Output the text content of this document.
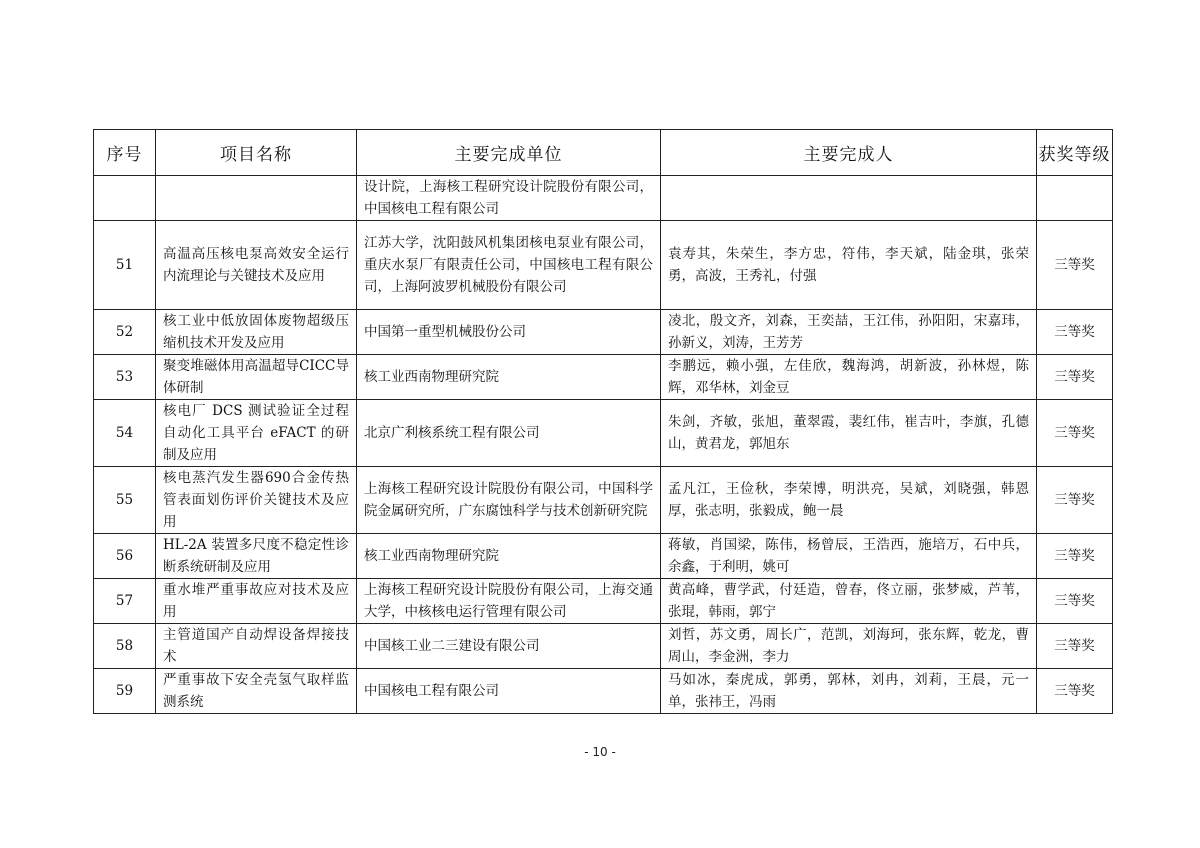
序号	项目名称	主要完成单位	主要完成人	获奖等级

		设计院，上海核工程研究设计院股份有限公司，中国核电工程有限公司		

51	高温高压核电泵高效安全运行内流理论与关键技术及应用	江苏大学，沈阳鼓风机集团核电泵业有限公司，重庆水泵厂有限责任公司，中国核电工程有限公司，上海阿波罗机械股份有限公司	袁寿其，朱荣生，李方忠，符伟，李天斌，陆金琪，张荣勇，高波，王秀礼，付强	三等奖

52	核工业中低放固体废物超级压缩机技术开发及应用	中国第一重型机械股份公司	凌北，殷文齐，刘森，王奕喆，王江伟，孙阳阳，宋嘉玮，孙新义，刘涛，王芳芳	三等奖

53	聚变堆磁体用高温超导CICC导体研制	核工业西南物理研究院	李鹏远，赖小强，左佳欣，魏海鸿，胡新波，孙林煜，陈辉，邓华林，刘金豆	三等奖

54	核电厂 DCS 测试验证全过程自动化工具平台 eFACT 的研制及应用	北京广利核系统工程有限公司	朱剑，齐敏，张旭，董翠霞，裴红伟，崔吉叶，李旗，孔德山，黄君龙，郭旭东	三等奖

55	核电蒸汽发生器690合金传热管表面划伤评价关键技术及应用	上海核工程研究设计院股份有限公司，中国科学院金属研究所，广东腐蚀科学与技术创新研究院	孟凡江，王俭秋，李荣博，明洪亮，吴斌，刘晓强，韩恩厚，张志明，张毅成，鲍一晨	三等奖

56	HL-2A 装置多尺度不稳定性诊断系统研制及应用	核工业西南物理研究院	蒋敏，肖国梁，陈伟，杨曾辰，王浩西，施培万，石中兵，余鑫，于利明，姚可	三等奖

57	重水堆严重事故应对技术及应用	上海核工程研究设计院股份有限公司，上海交通大学，中核核电运行管理有限公司	黄高峰，曹学武，付廷造，曾春，佟立丽，张梦威，芦苇，张琨，韩雨，郭宁	三等奖

58	主管道国产自动焊设备焊接技术	中国核工业二三建设有限公司	刘哲，苏文勇，周长广，范凯，刘海珂，张东辉，乾龙，曹周山，李金洲，李力	三等奖

59	严重事故下安全壳氢气取样监测系统	中国核电工程有限公司	马如冰，秦虎成，郭勇，郭林，刘冉，刘莉，王晨，元一单，张祎王，冯雨	三等奖
- 10 -
